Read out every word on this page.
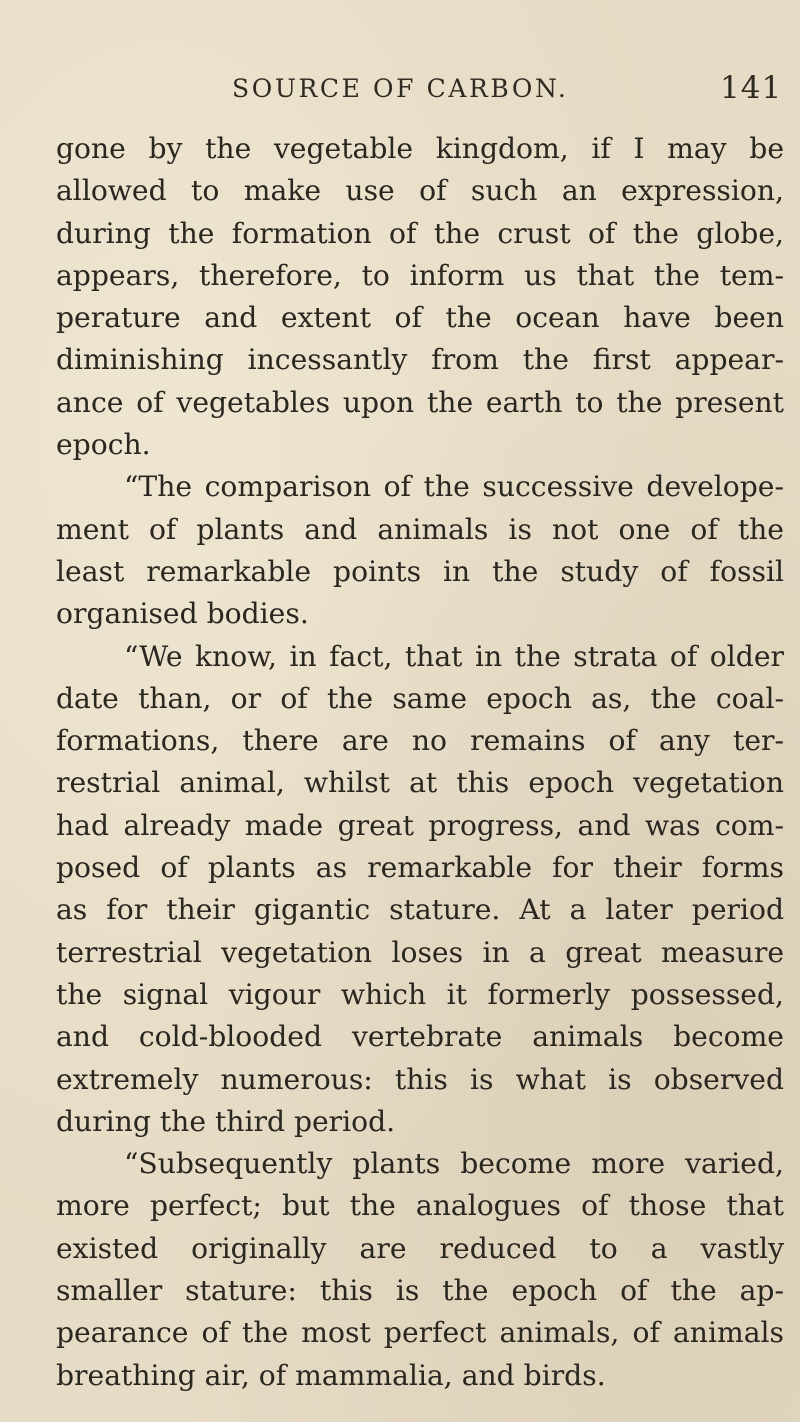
SOURCE OF CARBON.	141
gone by the vegetable kingdom, if I may be
allowed to make use of such an expression,
during the formation of the crust of the globe,
appears, therefore, to inform us that the tem-
perature and extent of the ocean have been
diminishing incessantly from the first appear-
ance of vegetables upon the earth to the present
epoch.
“The comparison of the successive develope-
ment of plants and animals is not one of the
least remarkable points in the study of fossil
organised bodies.
“We know, in fact, that in the strata of older
date than, or of the same epoch as, the coal-
formations, there are no remains of any ter-
restrial animal, whilst at this epoch vegetation
had already made great progress, and was com-
posed of plants as remarkable for their forms
as for their gigantic stature. At a later period
terrestrial vegetation loses in a great measure
the signal vigour which it formerly possessed,
and cold-blooded vertebrate animals become
extremely numerous: this is what is observed
during the third period.
“Subsequently plants become more varied,
more perfect; but the analogues of those that
existed originally are reduced to a vastly
smaller stature: this is the epoch of the ap-
pearance of the most perfect animals, of animals
breathing air, of mammalia, and birds.
